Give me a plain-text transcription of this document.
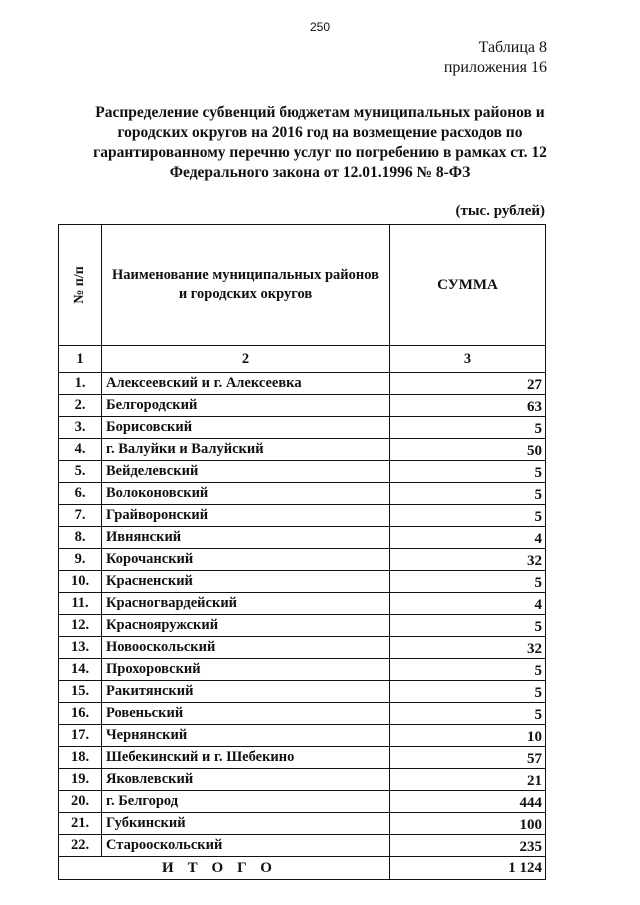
250
Таблица 8
приложения 16
Распределение субвенций бюджетам муниципальных районов и городских округов на 2016 год на возмещение расходов по гарантированному перечню услуг по погребению в рамках ст. 12 Федерального закона от 12.01.1996 № 8-ФЗ
(тыс. рублей)
№ п/п	Наименование муниципальных районов и городских округов	СУММА
1	2	3
1.	Алексеевский и г. Алексеевка	27
2.	Белгородский	63
3.	Борисовский	5
4.	г. Валуйки и Валуйский	50
5.	Вейделевский	5
6.	Волоконовский	5
7.	Грайворонский	5
8.	Ивнянский	4
9.	Корочанский	32
10.	Красненский	5
11.	Красногвардейский	4
12.	Краснояружский	5
13.	Новооскольский	32
14.	Прохоровский	5
15.	Ракитянский	5
16.	Ровеньский	5
17.	Чернянский	10
18.	Шебекинский и г. Шебекино	57
19.	Яковлевский	21
20.	г. Белгород	444
21.	Губкинский	100
22.	Старооскольский	235
ИТОГО		1 124
